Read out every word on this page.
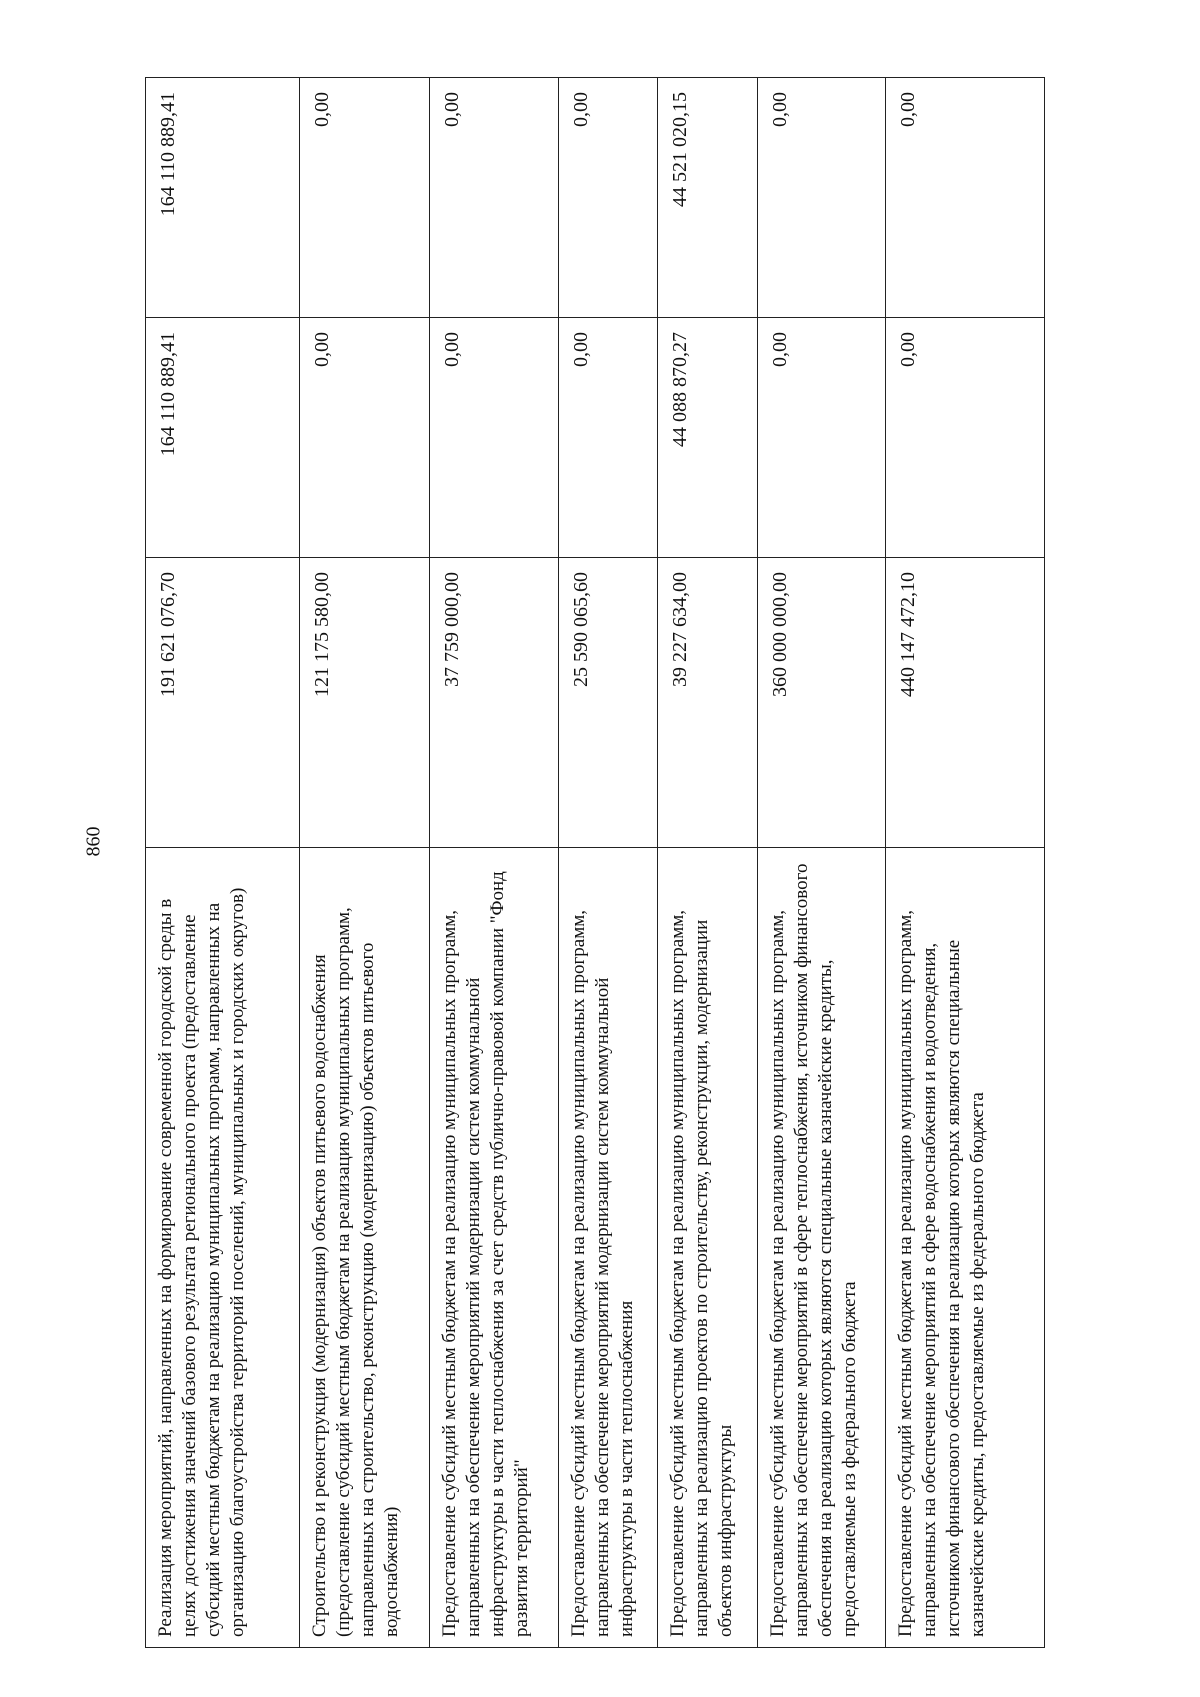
860
Реализация мероприятий, направленных на формирование современной городской среды в целях достижения значений базового результата регионального проекта (предоставление субсидий местным бюджетам на реализацию муниципальных программ, направленных на организацию благоустройства территорий поселений, муниципальных и городских округов)	191 621 076,70	164 110 889,41	164 110 889,41
Строительство и реконструкция (модернизация) объектов питьевого водоснабжения (предоставление субсидий местным бюджетам на реализацию муниципальных программ, направленных на строительство, реконструкцию (модернизацию) объектов питьевого водоснабжения)	121 175 580,00	0,00	0,00
Предоставление субсидий местным бюджетам на реализацию муниципальных программ, направленных на обеспечение мероприятий модернизации систем коммунальной инфраструктуры в части теплоснабжения за счет средств публично-правовой компании "Фонд развития территорий"	37 759 000,00	0,00	0,00
Предоставление субсидий местным бюджетам на реализацию муниципальных программ, направленных на обеспечение мероприятий модернизации систем коммунальной инфраструктуры в части теплоснабжения	25 590 065,60	0,00	0,00
Предоставление субсидий местным бюджетам на реализацию муниципальных программ, направленных на реализацию проектов по строительству, реконструкции, модернизации объектов инфраструктуры	39 227 634,00	44 088 870,27	44 521 020,15
Предоставление субсидий местным бюджетам на реализацию муниципальных программ, направленных на обеспечение мероприятий в сфере теплоснабжения, источником финансового обеспечения на реализацию которых являются специальные казначейские кредиты, предоставляемые из федерального бюджета	360 000 000,00	0,00	0,00
Предоставление субсидий местным бюджетам на реализацию муниципальных программ, направленных на обеспечение мероприятий в сфере водоснабжения и водоотведения, источником финансового обеспечения на реализацию которых являются специальные казначейские кредиты, предоставляемые из федерального бюджета	440 147 472,10	0,00	0,00
